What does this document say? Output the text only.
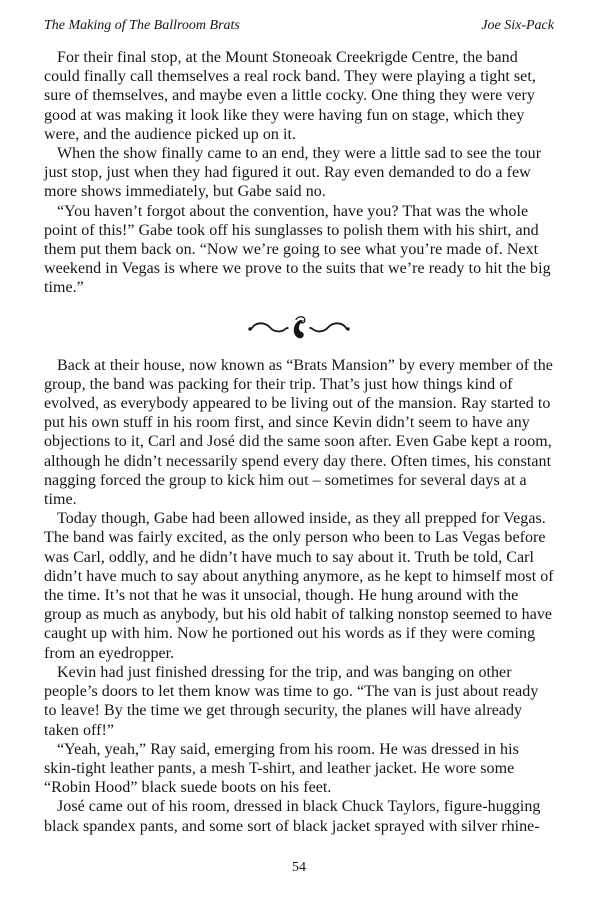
The Making of The Ballroom Brats	Joe Six-Pack

For their final stop, at the Mount Stoneoak Creekrigde Centre, the band could finally call themselves a real rock band. They were playing a tight set, sure of themselves, and maybe even a little cocky. One thing they were very good at was making it look like they were having fun on stage, which they were, and the audience picked up on it.

When the show finally came to an end, they were a little sad to see the tour just stop, just when they had figured it out. Ray even demanded to do a few more shows immediately, but Gabe said no.

“You haven’t forgot about the convention, have you? That was the whole point of this!” Gabe took off his sunglasses to polish them with his shirt, and them put them back on. “Now we’re going to see what you’re made of. Next weekend in Vegas is where we prove to the suits that we’re ready to hit the big time.”

Back at their house, now known as “Brats Mansion” by every member of the group, the band was packing for their trip. That’s just how things kind of evolved, as everybody appeared to be living out of the mansion. Ray started to put his own stuff in his room first, and since Kevin didn’t seem to have any objections to it, Carl and José did the same soon after. Even Gabe kept a room, although he didn’t necessarily spend every day there. Often times, his constant nagging forced the group to kick him out – sometimes for several days at a time.

Today though, Gabe had been allowed inside, as they all prepped for Vegas. The band was fairly excited, as the only person who been to Las Vegas before was Carl, oddly, and he didn’t have much to say about it. Truth be told, Carl didn’t have much to say about anything anymore, as he kept to himself most of the time. It’s not that he was it unsocial, though. He hung around with the group as much as anybody, but his old habit of talking nonstop seemed to have caught up with him. Now he portioned out his words as if they were coming from an eyedropper.

Kevin had just finished dressing for the trip, and was banging on other people’s doors to let them know was time to go. “The van is just about ready to leave! By the time we get through security, the planes will have already taken off!”

“Yeah, yeah,” Ray said, emerging from his room. He was dressed in his skin-tight leather pants, a mesh T-shirt, and leather jacket. He wore some “Robin Hood” black suede boots on his feet.

José came out of his room, dressed in black Chuck Taylors, figure-hugging black spandex pants, and some sort of black jacket sprayed with silver rhine-

54
